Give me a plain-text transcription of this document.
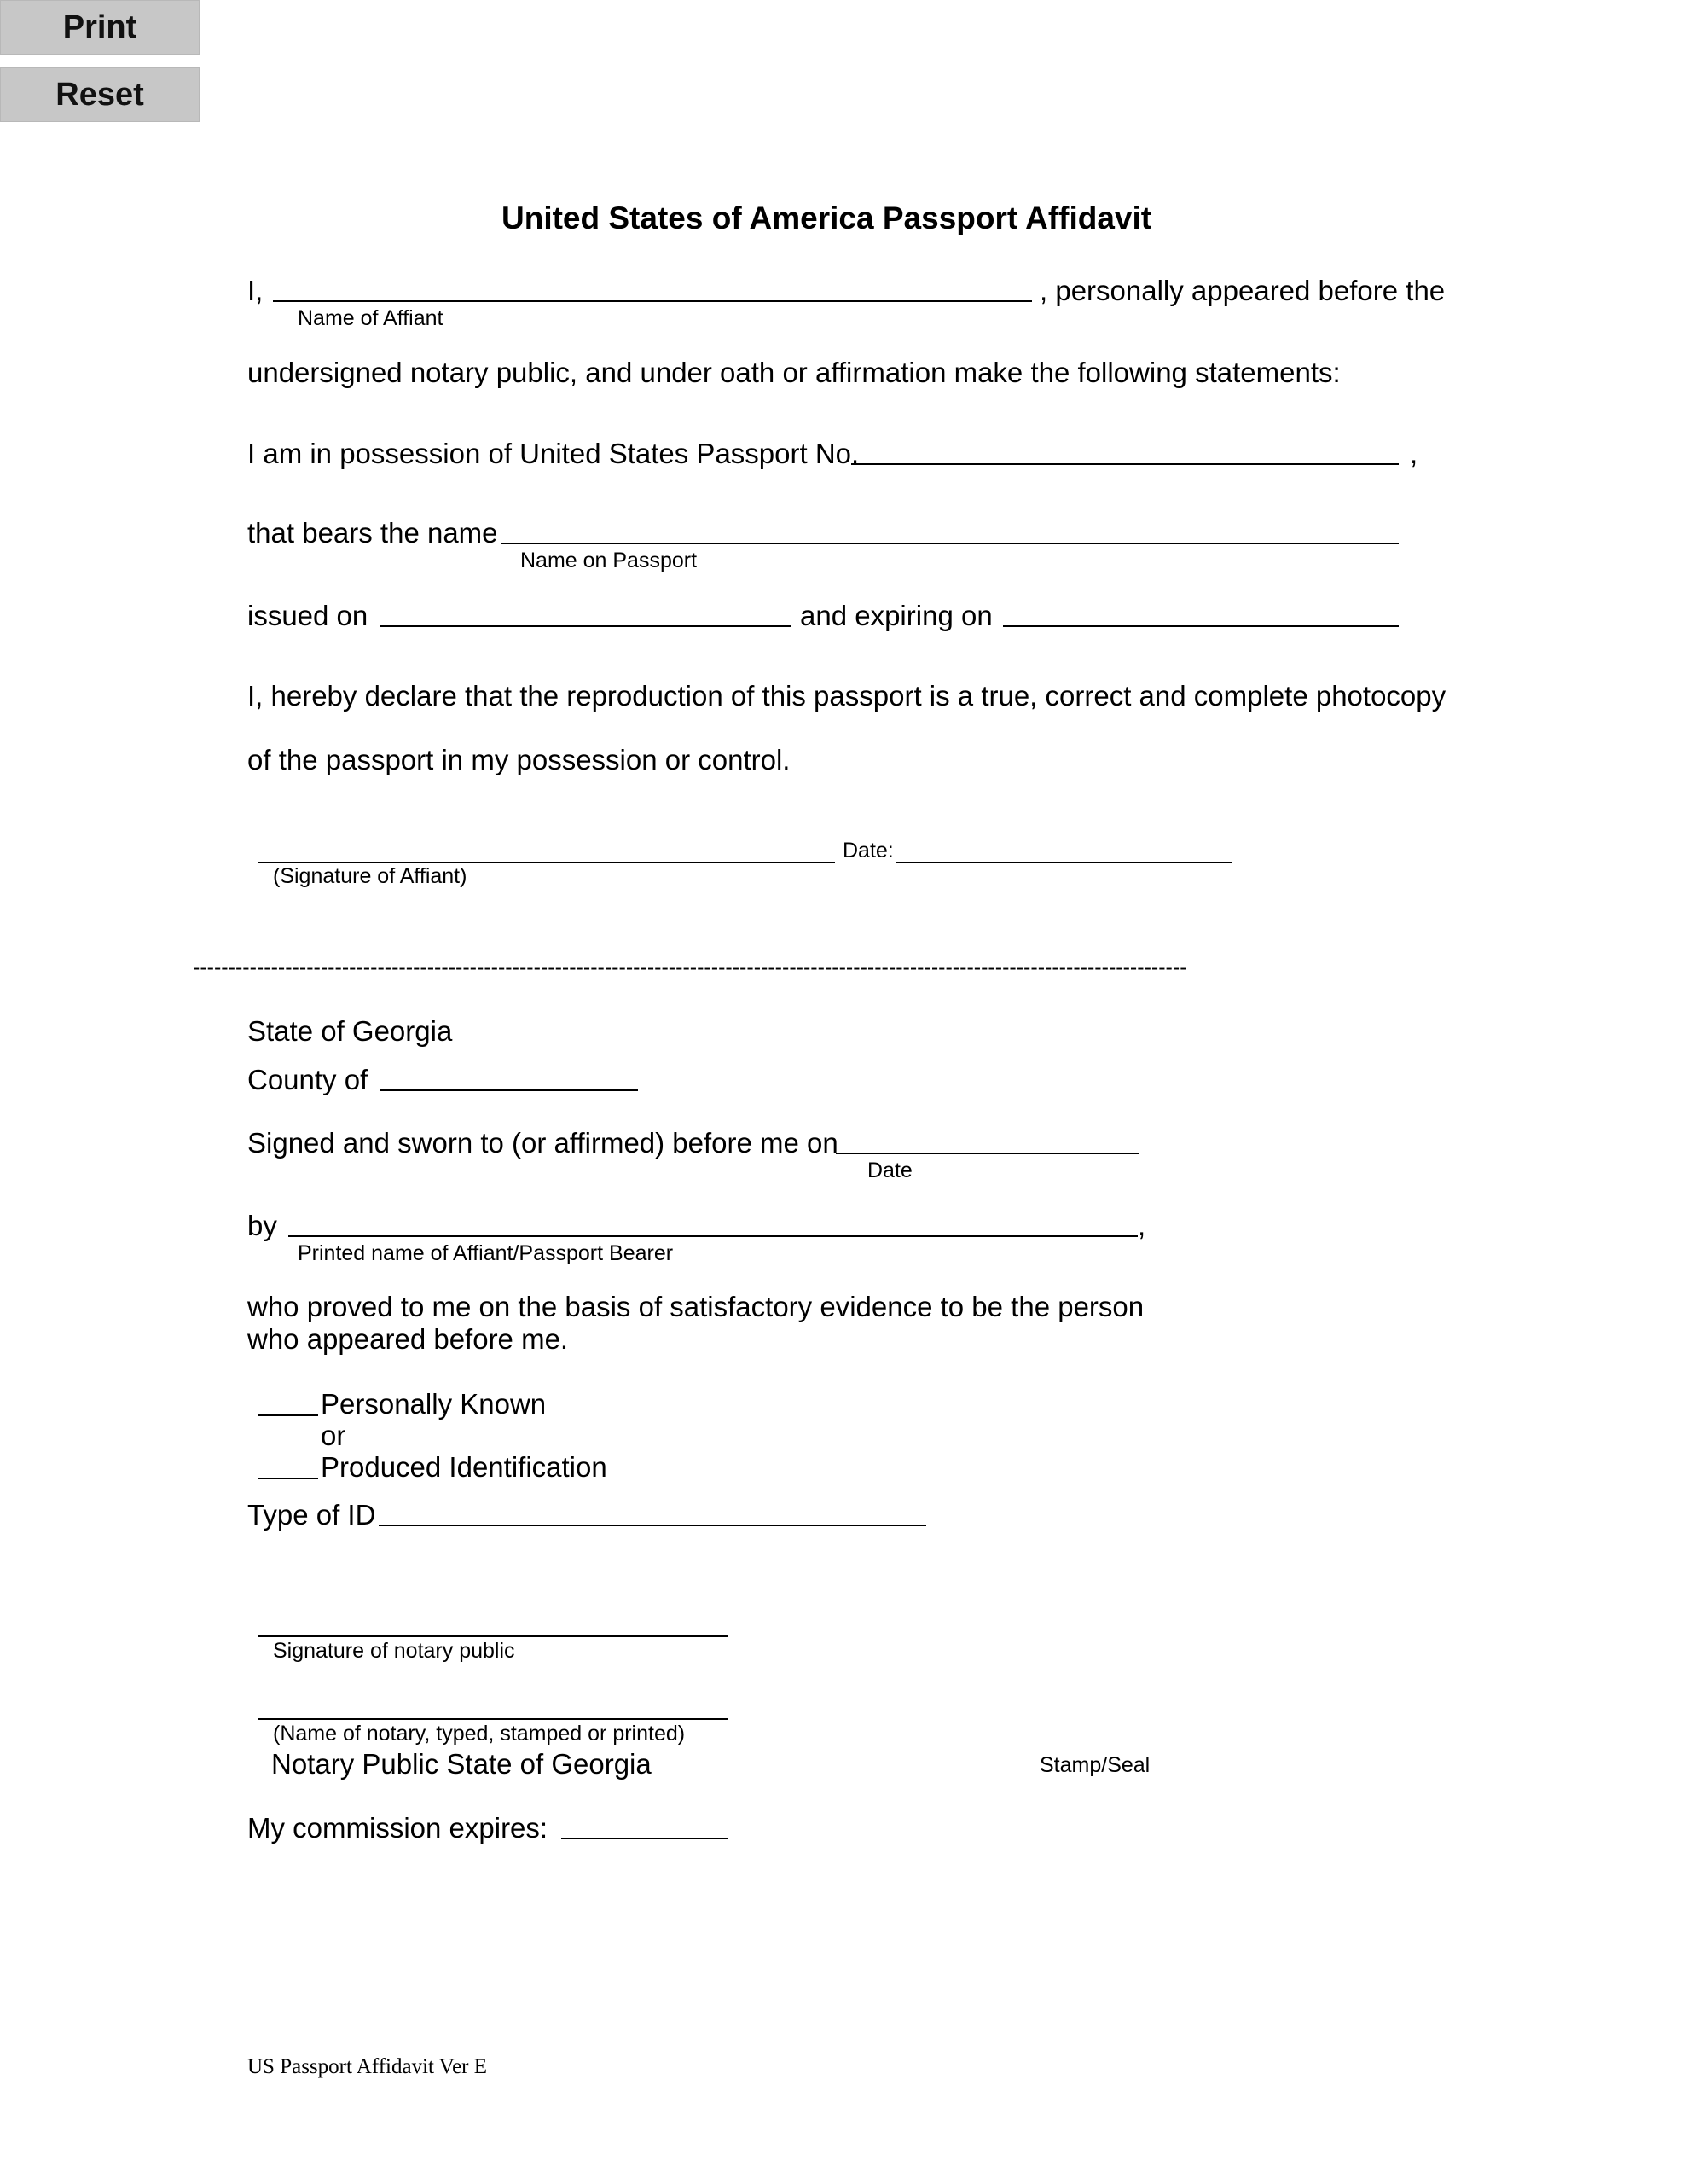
Print
Reset
United States of America Passport Affidavit
I,	, personally appeared before the
Name of Affiant
undersigned notary public, and under oath or affirmation make the following statements:
I am in possession of United States Passport No.	,
that bears the name
Name on Passport
issued on	and expiring on
I, hereby declare that the reproduction of this passport is a true, correct and complete photocopy
of the passport in my possession or control.
Date:
(Signature of Affiant)
--------------------------------------------------------------------------------------------------------------------------------------------
State of Georgia
County of
Signed and sworn to (or affirmed) before me on
Date
by	,
Printed name of Affiant/Passport Bearer
who proved to me on the basis of satisfactory evidence to be the person
who appeared before me.
Personally Known
or
Produced Identification
Type of ID
Signature of notary public
(Name of notary, typed, stamped or printed)
Notary Public State of Georgia	Stamp/Seal
My commission expires:
US Passport Affidavit Ver E
